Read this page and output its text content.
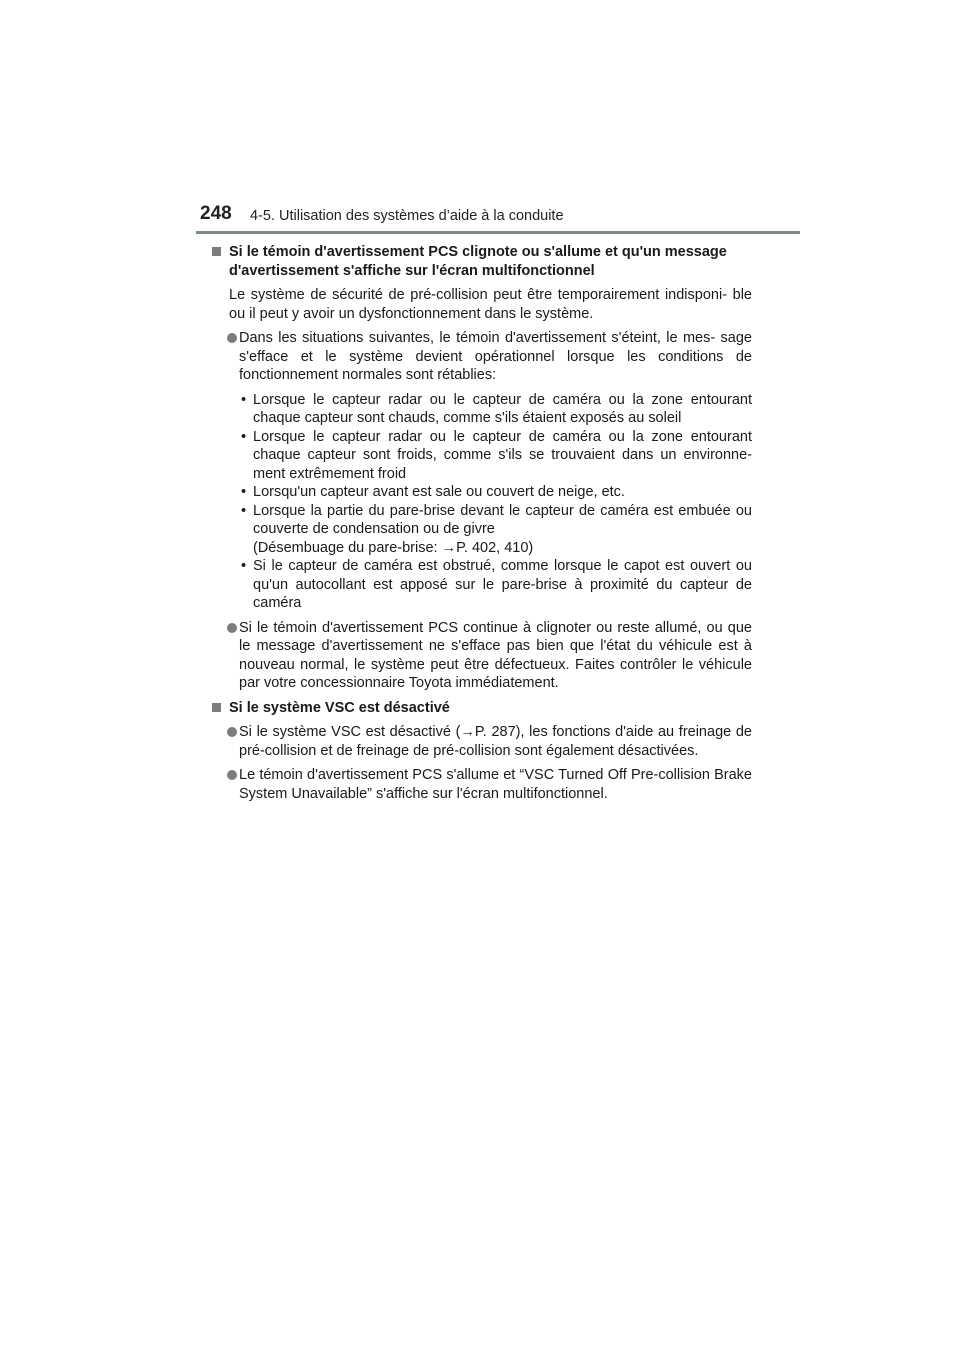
248 4-5. Utilisation des systèmes d’aide à la conduite
Si le témoin d'avertissement PCS clignote ou s'allume et qu'un message d'avertissement s'affiche sur l'écran multifonctionnel
Le système de sécurité de pré-collision peut être temporairement indisponi- ble ou il peut y avoir un dysfonctionnement dans le système.
Dans les situations suivantes, le témoin d'avertissement s'éteint, le mes- sage s'efface et le système devient opérationnel lorsque les conditions de fonctionnement normales sont rétablies:
• Lorsque le capteur radar ou le capteur de caméra ou la zone entourant chaque capteur sont chauds, comme s'ils étaient exposés au soleil
• Lorsque le capteur radar ou le capteur de caméra ou la zone entourant chaque capteur sont froids, comme s'ils se trouvaient dans un environne- ment extrêmement froid
• Lorsqu'un capteur avant est sale ou couvert de neige, etc.
• Lorsque la partie du pare-brise devant le capteur de caméra est embuée ou couverte de condensation ou de givre
(Désembuage du pare-brise: →P. 402, 410)
• Si le capteur de caméra est obstrué, comme lorsque le capot est ouvert ou qu'un autocollant est apposé sur le pare-brise à proximité du capteur de caméra
Si le témoin d'avertissement PCS continue à clignoter ou reste allumé, ou que le message d'avertissement ne s'efface pas bien que l'état du véhicule est à nouveau normal, le système peut être défectueux. Faites contrôler le véhicule par votre concessionnaire Toyota immédiatement.
Si le système VSC est désactivé
Si le système VSC est désactivé (→P. 287), les fonctions d'aide au freinage de pré-collision et de freinage de pré-collision sont également désactivées.
Le témoin d'avertissement PCS s'allume et “VSC Turned Off Pre-collision Brake System Unavailable” s'affiche sur l'écran multifonctionnel.
